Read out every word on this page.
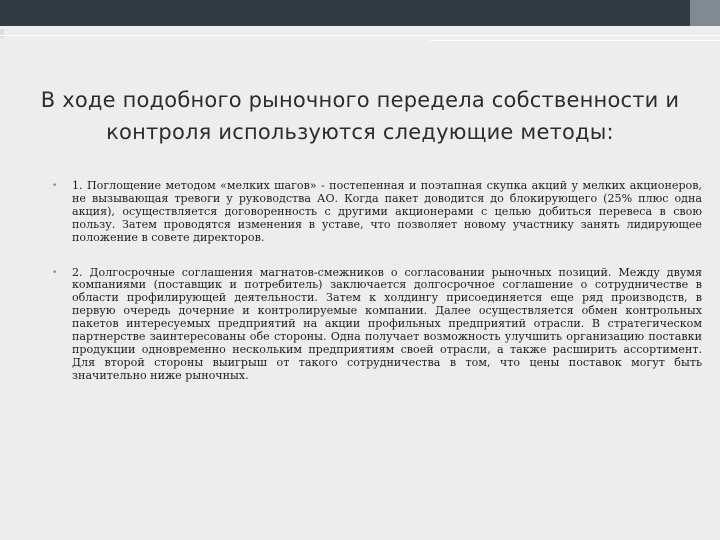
В ходе подобного рыночного передела собственности и контроля используются следующие методы:
• 1. Поглощение методом «мелких шагов» - постепенная и поэтапная скупка акций у мелких акционеров, не вызывающая тревоги у руководства АО. Когда пакет доводится до блокирующего (25% плюс одна акция), осуществляется договоренность с другими акционерами с целью добиться перевеса в свою пользу. Затем проводятся изменения в уставе, что позволяет новому участнику занять лидирующее положение в совете директоров.
• 2. Долгосрочные соглашения магнатов-смежников о согласовании рыночных позиций. Между двумя компаниями (поставщик и потребитель) заключается долгосрочное соглашение о сотрудничестве в области профилирующей деятельности. Затем к холдингу присоединяется еще ряд производств, в первую очередь дочерние и контролируемые компании. Далее осуществляется обмен контрольных пакетов интересуемых предприятий на акции профильных предприятий отрасли. В стратегическом партнерстве заинтересованы обе стороны. Одна получает возможность улучшить организацию поставки продукции одновременно нескольким предприятиям своей отрасли, а также расширить ассортимент. Для второй стороны выигрыш от такого сотрудничества в том, что цены поставок могут быть значительно ниже рыночных.
